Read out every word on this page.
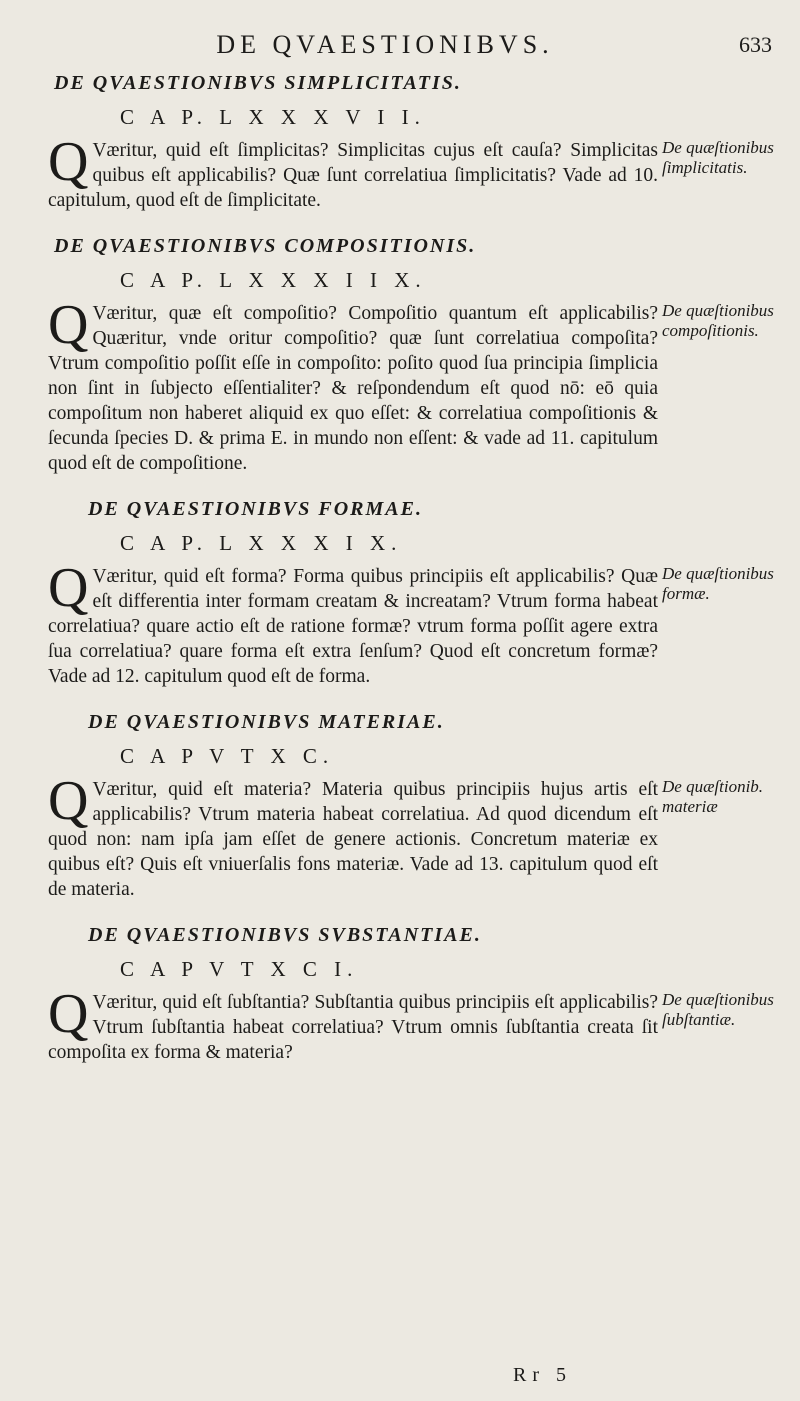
DE QVAESTIONIBVS.	633
DE QVAESTIONIBVS SIMPLICITATIS.
C A P. L X X X V I I.
Q Væritur, quid eſt ſimplicitas? Simplicitas cujus eſt cauſa? Simplicitas quibus eſt applicabilis? Quæ ſunt correlatiua ſimplicitatis? Vade ad 10. capitulum, quod eſt de ſimplicitate.
De quæſtionibus ſimplicitatis.
DE QVAESTIONIBVS COMPOSITIONIS.
C A P. L X X X I I X.
Q Væritur, quæ eſt compoſitio? Compoſitio quantum eſt applicabilis? Quæritur, vnde oritur compoſitio? quæ ſunt correlatiua compoſita? Vtrum compoſitio poſſit eſſe in compoſito: poſito quod ſua principia ſimplicia non ſint in ſubjecto eſſentialiter? & reſpondendum eſt quod nō: eō quia compoſitum non haberet aliquid ex quo eſſet: & correlatiua compoſitionis & ſecunda ſpecies D. & prima E. in mundo non eſſent: & vade ad 11. capitulum quod eſt de compoſitione.
De quæſtionibus compoſitionis.
DE QVAESTIONIBVS FORMAE.
C A P. L X X X I X.
Q Væritur, quid eſt forma? Forma quibus principiis eſt applicabilis? Quæ eſt differentia inter formam creatam & increatam? Vtrum forma habeat correlatiua? quare actio eſt de ratione formæ? vtrum forma poſſit agere extra ſua correlatiua? quare forma eſt extra ſenſum? Quod eſt concretum formæ? Vade ad 12. capitulum quod eſt de forma.
De quæſtionibus formæ.
DE QVAESTIONIBVS MATERIAE.
C A P V T X C.
Q Væritur, quid eſt materia? Materia quibus principiis hujus artis eſt applicabilis? Vtrum materia habeat correlatiua. Ad quod dicendum eſt quod non: nam ipſa jam eſſet de genere actionis. Concretum materiæ ex quibus eſt? Quis eſt vniuerſalis fons materiæ. Vade ad 13. capitulum quod eſt de materia.
De quæſtionib. materiæ
DE QVAESTIONIBVS SVBSTANTIAE.
C A P V T X C I.
Q Væritur, quid eſt ſubſtantia? Subſtantia quibus principiis eſt applicabilis? Vtrum ſubſtantia habeat correlatiua? Vtrum omnis ſubſtantia creata ſit compoſita ex forma & materia?
De quæſtionibus ſubſtantiæ.
Rr 5
